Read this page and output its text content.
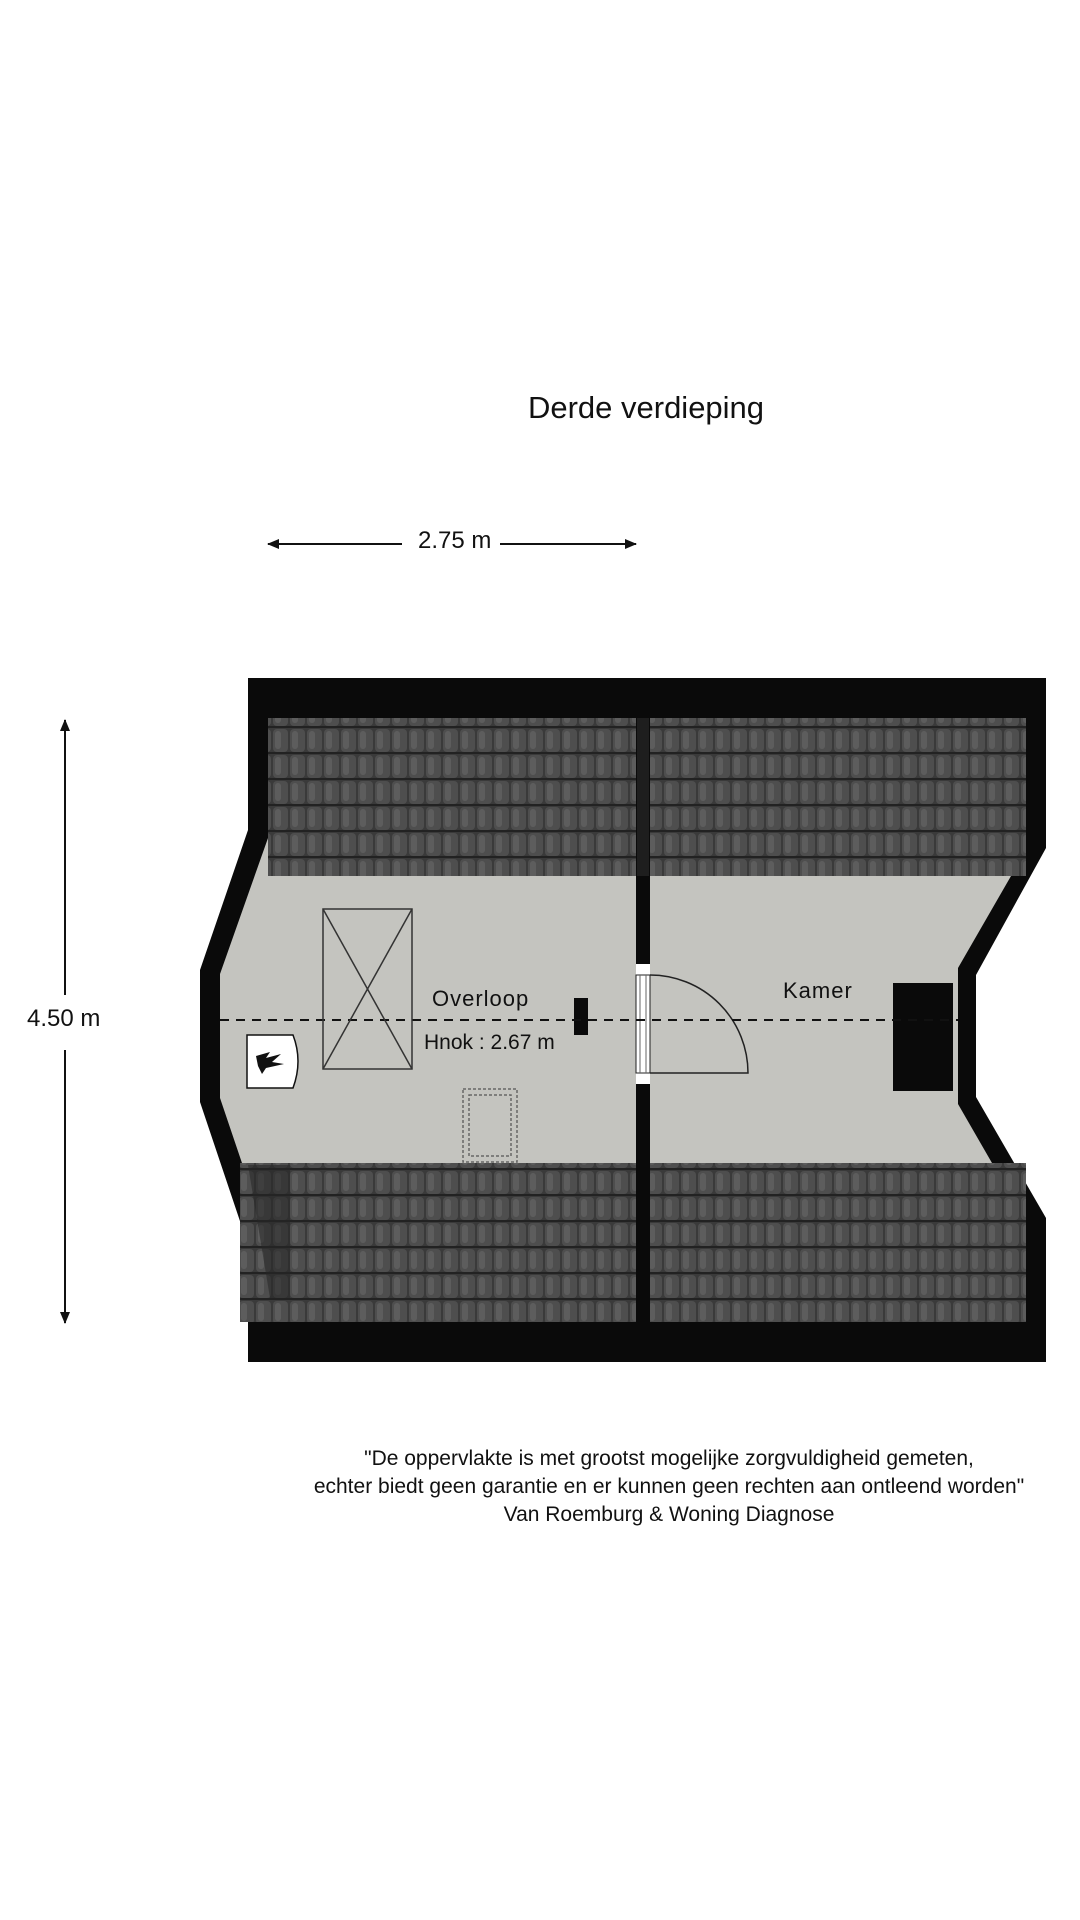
Derde verdieping
2.75 m
4.50 m
Overloop
Hnok : 2.67 m
Kamer
"De oppervlakte is met grootst mogelijke zorgvuldigheid gemeten,
echter biedt geen garantie en er kunnen geen rechten aan ontleend worden"
Van Roemburg & Woning Diagnose
